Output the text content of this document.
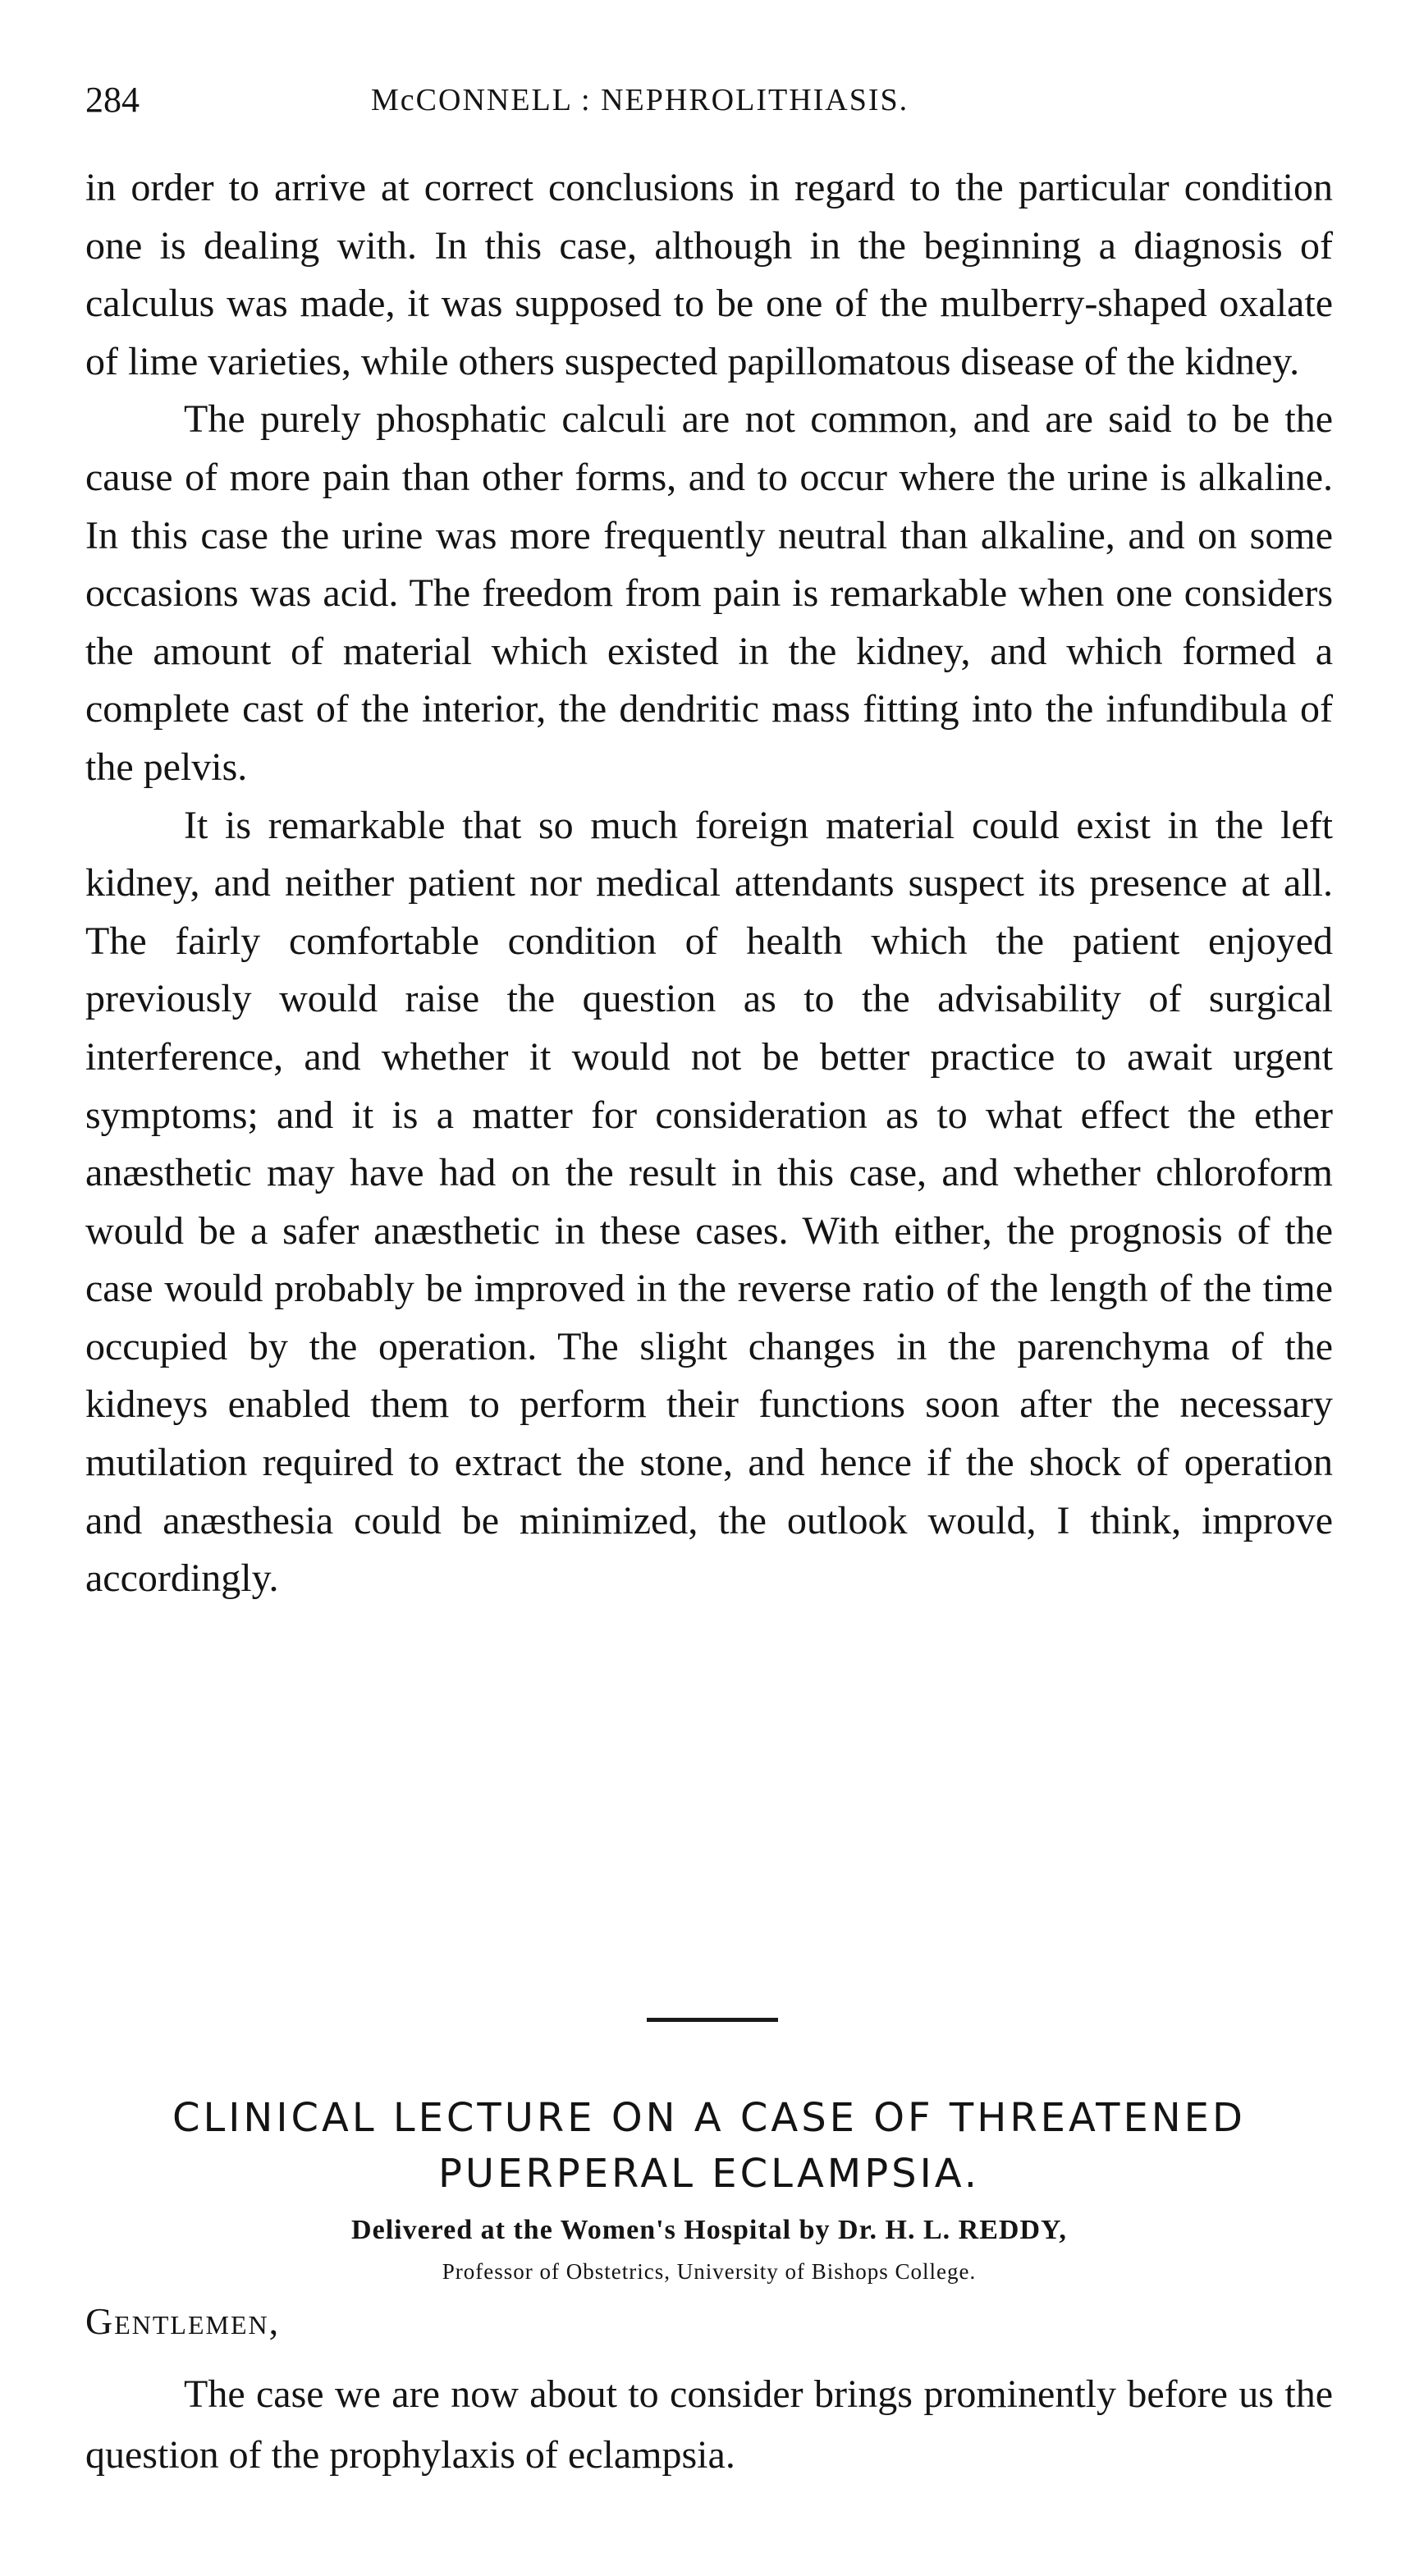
284	McCONNELL : NEPHROLITHIASIS.

in order to arrive at correct conclusions in regard to the particular condition one is dealing with. In this case, although in the beginning a diagnosis of calculus was made, it was supposed to be one of the mulberry-shaped oxalate of lime varieties, while others suspected papillomatous disease of the kidney.

The purely phosphatic calculi are not common, and are said to be the cause of more pain than other forms, and to occur where the urine is alkaline. In this case the urine was more frequently neutral than alkaline, and on some occasions was acid. The freedom from pain is remarkable when one considers the amount of material which existed in the kidney, and which formed a complete cast of the interior, the dendritic mass fitting into the infundibula of the pelvis.

It is remarkable that so much foreign material could exist in the left kidney, and neither patient nor medical attendants suspect its presence at all. The fairly comfortable condition of health which the patient enjoyed previously would raise the question as to the advisability of surgical interference, and whether it would not be better practice to await urgent symptoms; and it is a matter for consideration as to what effect the ether anæsthetic may have had on the result in this case, and whether chloroform would be a safer anæsthetic in these cases. With either, the prognosis of the case would probably be improved in the reverse ratio of the length of the time occupied by the operation. The slight changes in the parenchyma of the kidneys enabled them to perform their functions soon after the necessary mutilation required to extract the stone, and hence if the shock of operation and anæsthesia could be minimized, the outlook would, I think, improve accordingly.

CLINICAL LECTURE ON A CASE OF THREATENED PUERPERAL ECLAMPSIA.
Delivered at the Women's Hospital by Dr. H. L. REDDY,
Professor of Obstetrics, University of Bishops College.
Gentlemen,

The case we are now about to consider brings prominently before us the question of the prophylaxis of eclampsia.
